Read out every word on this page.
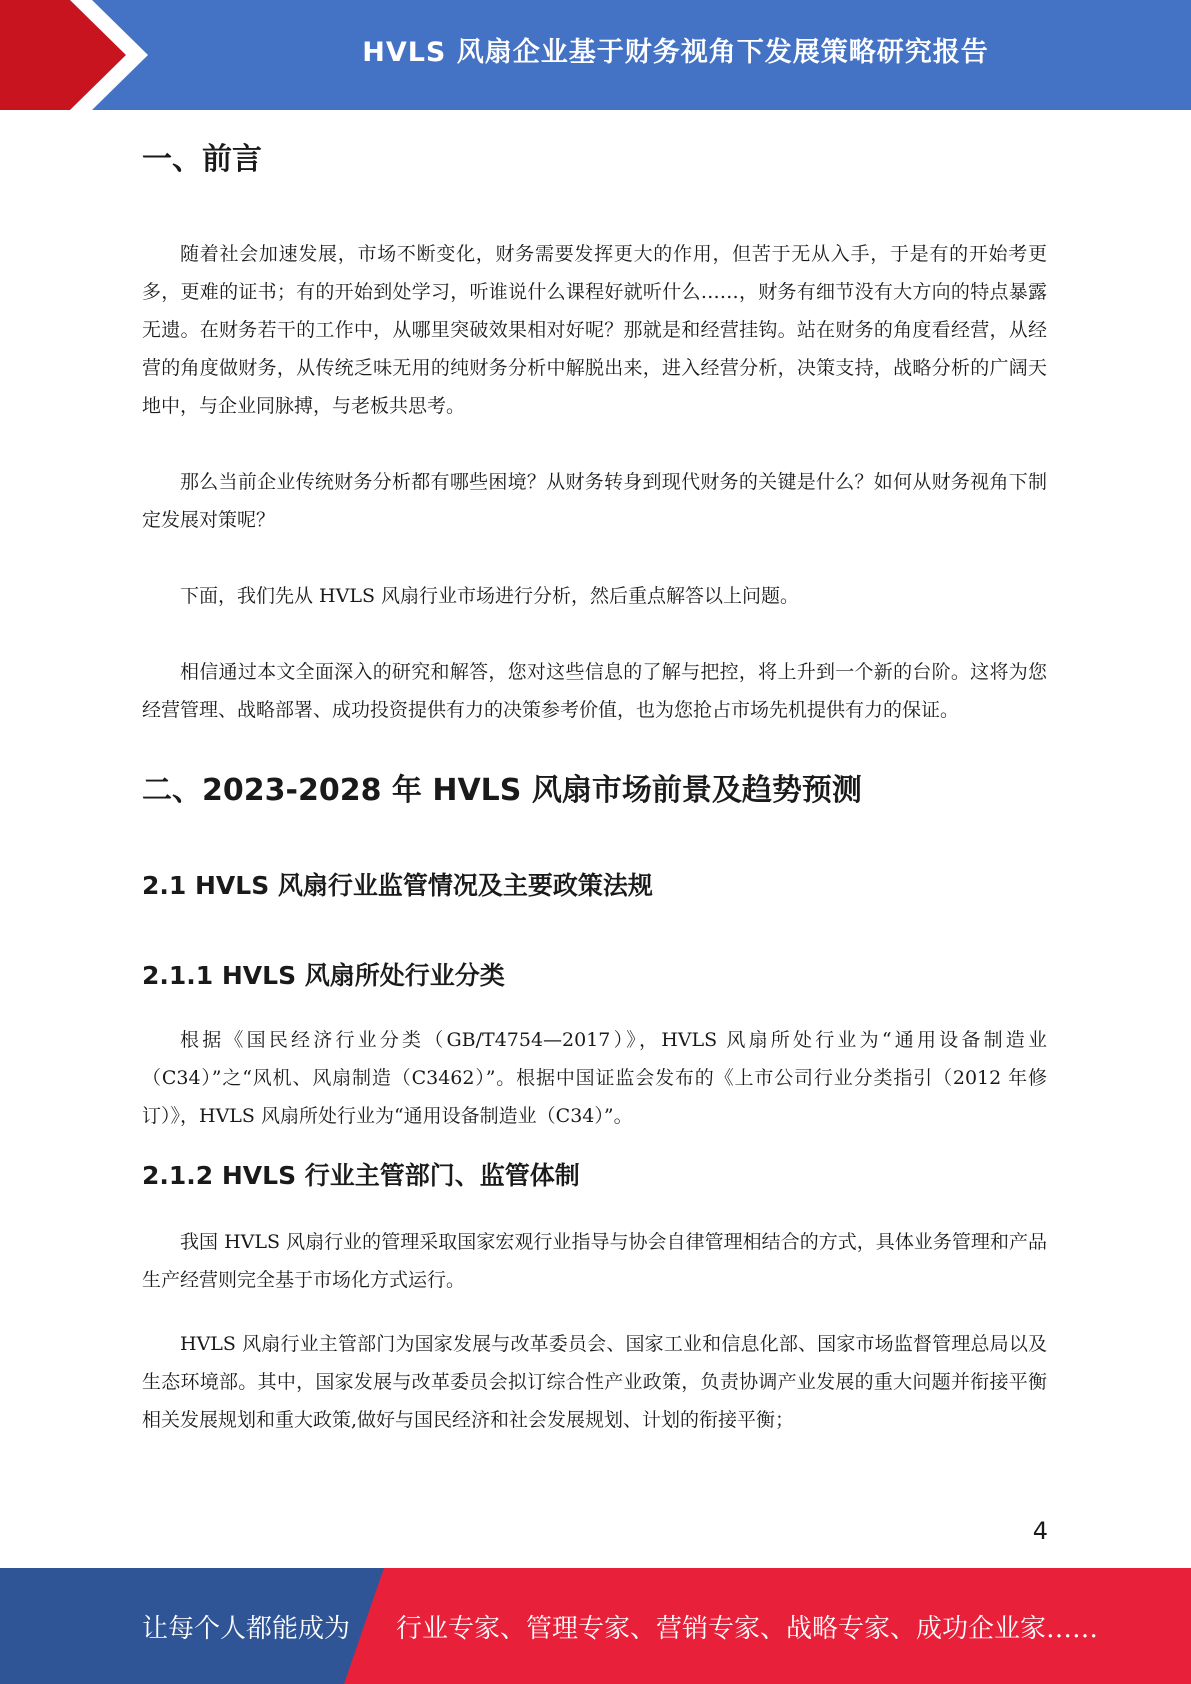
HVLS 风扇企业基于财务视角下发展策略研究报告
一、前言

随着社会加速发展，市场不断变化，财务需要发挥更大的作用，但苦于无从入手，于是有的开始考更多，更难的证书；有的开始到处学习，听谁说什么课程好就听什么……，财务有细节没有大方向的特点暴露无遗。在财务若干的工作中，从哪里突破效果相对好呢？那就是和经营挂钩。站在财务的角度看经营，从经营的角度做财务，从传统乏味无用的纯财务分析中解脱出来，进入经营分析，决策支持，战略分析的广阔天地中，与企业同脉搏，与老板共思考。

那么当前企业传统财务分析都有哪些困境？从财务转身到现代财务的关键是什么？如何从财务视角下制定发展对策呢？

下面，我们先从 HVLS 风扇行业市场进行分析，然后重点解答以上问题。

相信通过本文全面深入的研究和解答，您对这些信息的了解与把控，将上升到一个新的台阶。这将为您经营管理、战略部署、成功投资提供有力的决策参考价值，也为您抢占市场先机提供有力的保证。

二、2023-2028 年 HVLS 风扇市场前景及趋势预测
2.1 HVLS 风扇行业监管情况及主要政策法规
2.1.1 HVLS 风扇所处行业分类

根据《国民经济行业分类（GB/T4754—2017）》，HVLS 风扇所处行业为“通用设备制造业（C34）”之“风机、风扇制造（C3462）”。根据中国证监会发布的《上市公司行业分类指引（2012 年修订）》，HVLS 风扇所处行业为“通用设备制造业（C34）”。

2.1.2 HVLS 行业主管部门、监管体制

我国 HVLS 风扇行业的管理采取国家宏观行业指导与协会自律管理相结合的方式，具体业务管理和产品生产经营则完全基于市场化方式运行。

HVLS 风扇行业主管部门为国家发展与改革委员会、国家工业和信息化部、国家市场监督管理总局以及生态环境部。其中，国家发展与改革委员会拟订综合性产业政策，负责协调产业发展的重大问题并衔接平衡相关发展规划和重大政策,做好与国民经济和社会发展规划、计划的衔接平衡；

4
让每个人都能成为 行业专家、管理专家、营销专家、战略专家、成功企业家……
